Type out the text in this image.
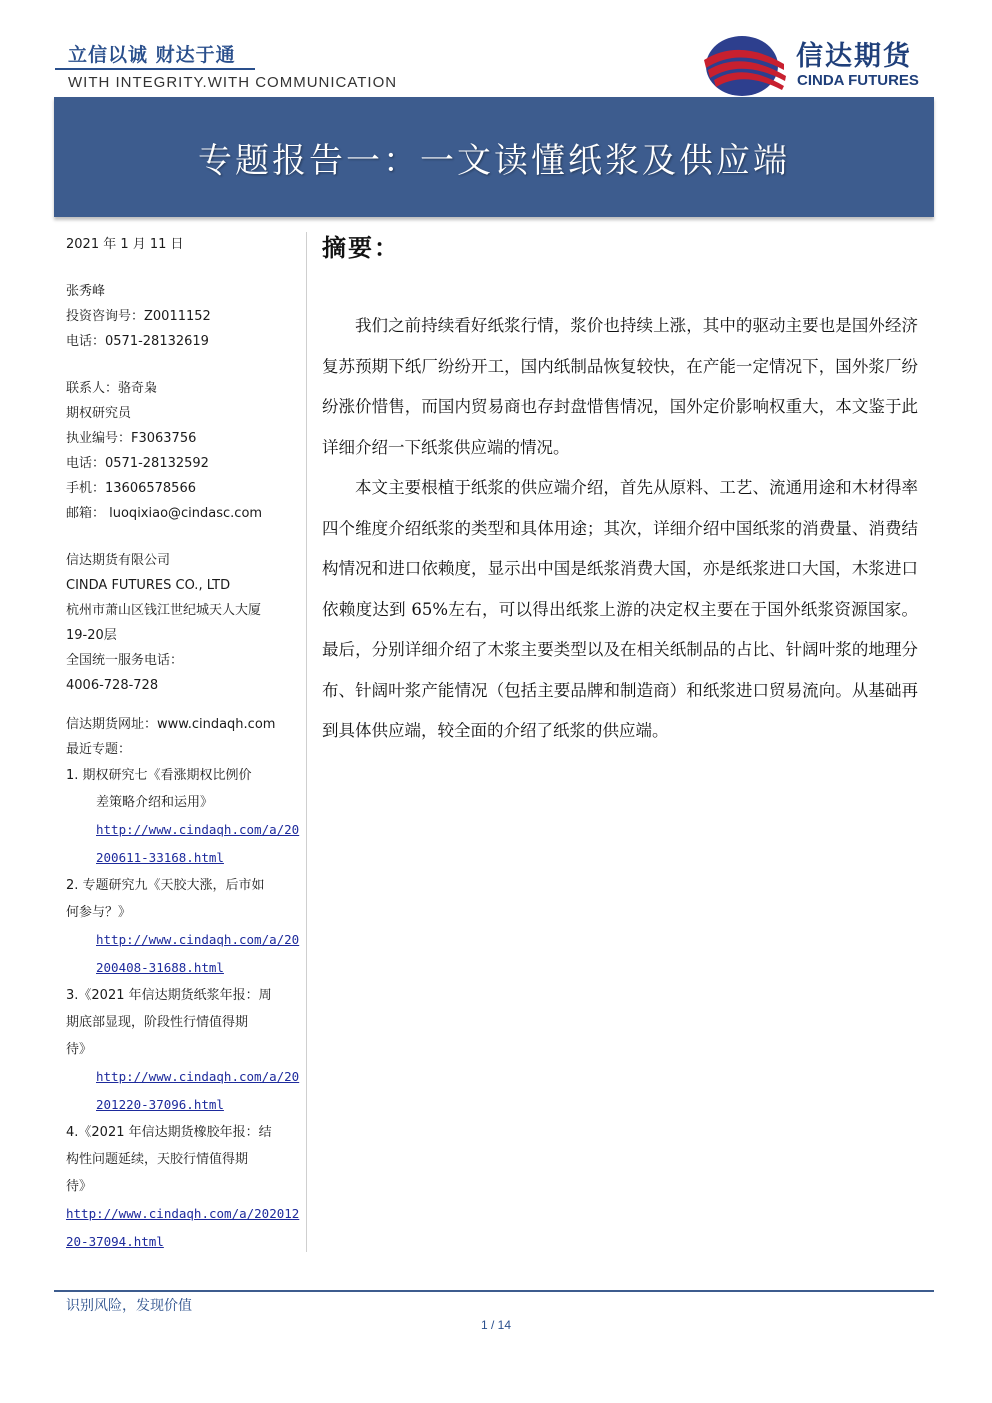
立信以诚 财达于通
WITH INTEGRITY.WITH COMMUNICATION
信达期货
CINDA FUTURES
专题报告一：一文读懂纸浆及供应端
2021 年 1 月 11 日
张秀峰
投资咨询号：Z0011152
电话：0571-28132619
联系人：骆奇枭
期权研究员
执业编号：F3063756
电话：0571-28132592
手机：13606578566
邮箱： luoqixiao@cindasc.com
信达期货有限公司
CINDA FUTURES CO., LTD
杭州市萧山区钱江世纪城天人大厦
19-20层
全国统一服务电话：
4006-728-728
信达期货网址：www.cindaqh.com
最近专题：
1. 期权研究七《看涨期权比例价
差策略介绍和运用》
http://www.cindaqh.com/a/20
200611-33168.html
2. 专题研究九《天胶大涨，后市如
何参与？》
http://www.cindaqh.com/a/20
200408-31688.html
3.《2021 年信达期货纸浆年报：周
期底部显现，阶段性行情值得期
待》
http://www.cindaqh.com/a/20
201220-37096.html
4.《2021 年信达期货橡胶年报：结
构性问题延续，天胶行情值得期
待》
http://www.cindaqh.com/a/202012
20-37094.html
摘要：

我们之前持续看好纸浆行情，浆价也持续上涨，其中的驱动主要也是国外经济复苏预期下纸厂纷纷开工，国内纸制品恢复较快，在产能一定情况下，国外浆厂纷纷涨价惜售，而国内贸易商也存封盘惜售情况，国外定价影响权重大，本文鉴于此详细介绍一下纸浆供应端的情况。

本文主要根植于纸浆的供应端介绍，首先从原料、工艺、流通用途和木材得率四个维度介绍纸浆的类型和具体用途；其次，详细介绍中国纸浆的消费量、消费结构情况和进口依赖度，显示出中国是纸浆消费大国，亦是纸浆进口大国，木浆进口依赖度达到 65%左右，可以得出纸浆上游的决定权主要在于国外纸浆资源国家。最后，分别详细介绍了木浆主要类型以及在相关纸制品的占比、针阔叶浆的地理分布、针阔叶浆产能情况（包括主要品牌和制造商）和纸浆进口贸易流向。从基础再到具体供应端，较全面的介绍了纸浆的供应端。

识别风险，发现价值
1 / 14
